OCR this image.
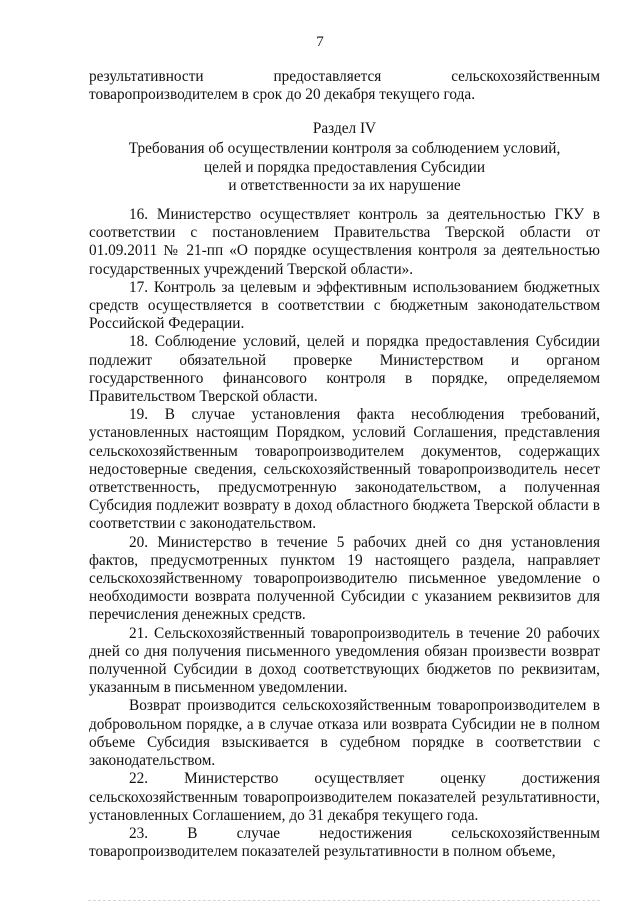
7

результативности предоставляется сельскохозяйственным товаропроизводителем в срок до 20 декабря текущего года.

Раздел IV

Требования об осуществлении контроля за соблюдением условий,

целей и порядка предоставления Субсидии

и ответственности за их нарушение

16. Министерство осуществляет контроль за деятельностью ГКУ в соответствии с постановлением Правительства Тверской области от 01.09.2011 № 21-пп «О порядке осуществления контроля за деятельностью государственных учреждений Тверской области».

17. Контроль за целевым и эффективным использованием бюджетных средств осуществляется в соответствии с бюджетным законодательством Российской Федерации.

18. Соблюдение условий, целей и порядка предоставления Субсидии подлежит обязательной проверке Министерством и органом государственного финансового контроля в порядке, определяемом Правительством Тверской области.

19. В случае установления факта несоблюдения требований, установленных настоящим Порядком, условий Соглашения, представления сельскохозяйственным товаропроизводителем документов, содержащих недостоверные сведения, сельскохозяйственный товаропроизводитель несет ответственность, предусмотренную законодательством, а полученная Субсидия подлежит возврату в доход областного бюджета Тверской области в соответствии с законодательством.

20. Министерство в течение 5 рабочих дней со дня установления фактов, предусмотренных пунктом 19 настоящего раздела, направляет сельскохозяйственному товаропроизводителю письменное уведомление о необходимости возврата полученной Субсидии с указанием реквизитов для перечисления денежных средств.

21. Сельскохозяйственный товаропроизводитель в течение 20 рабочих дней со дня получения письменного уведомления обязан произвести возврат полученной Субсидии в доход соответствующих бюджетов по реквизитам, указанным в письменном уведомлении.

Возврат производится сельскохозяйственным товаропроизводителем в добровольном порядке, а в случае отказа или возврата Субсидии не в полном объеме Субсидия взыскивается в судебном порядке в соответствии с законодательством.

22. Министерство осуществляет оценку достижения сельскохозяйственным товаропроизводителем показателей результативности, установленных Соглашением, до 31 декабря текущего года.

23. В случае недостижения сельскохозяйственным товаропроизводителем показателей результативности в полном объеме,
